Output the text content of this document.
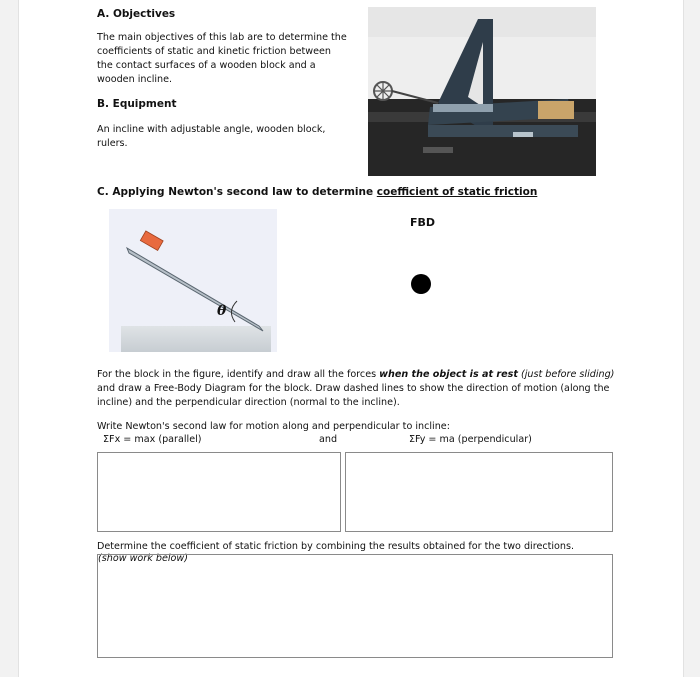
A. Objectives
The main objectives of this lab are to determine the coefficients of static and kinetic friction between the contact surfaces of a wooden block and a wooden incline.
B. Equipment
An incline with adjustable angle, wooden block, rulers.
C. Applying Newton's second law to determine coefficient of static friction
θ
FBD
For the block in the figure, identify and draw all the forces when the object is at rest (just before sliding) and draw a Free-Body Diagram for the block. Draw dashed lines to show the direction of motion (along the incline) and the perpendicular direction (normal to the incline).
Write Newton's second law for motion along and perpendicular to incline:
ΣFx = max (parallel)	and	ΣFy = ma (perpendicular)
Determine the coefficient of static friction by combining the results obtained for the two directions.
(show work below)
